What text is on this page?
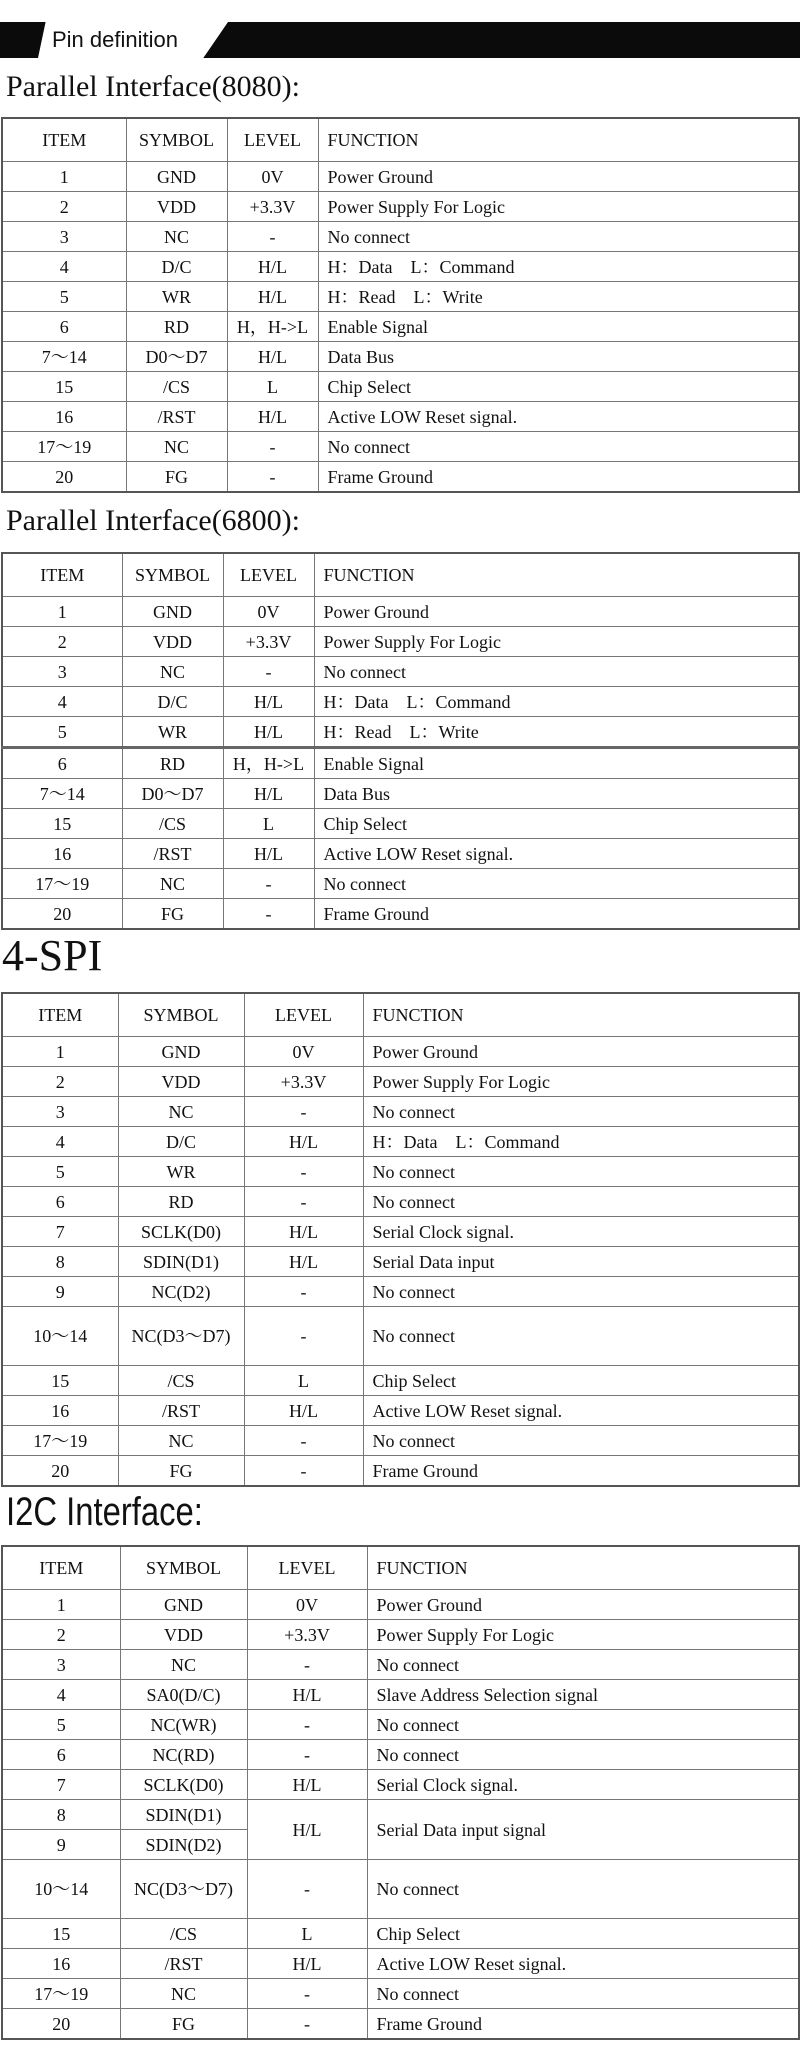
Pin definition
Parallel Interface(8080):
ITEM	SYMBOL	LEVEL	FUNCTION
1	GND	0V	Power Ground
2	VDD	+3.3V	Power Supply For Logic
3	NC	-	No connect
4	D/C	H/L	H：Data　L：Command
5	WR	H/L	H：Read　L：Write
6	RD	H，H->L	Enable Signal
7～14	D0～D7	H/L	Data Bus
15	/CS	L	Chip Select
16	/RST	H/L	Active LOW Reset signal.
17～19	NC	-	No connect
20	FG	-	Frame Ground
Parallel Interface(6800):
ITEM	SYMBOL	LEVEL	FUNCTION
1	GND	0V	Power Ground
2	VDD	+3.3V	Power Supply For Logic
3	NC	-	No connect
4	D/C	H/L	H：Data　L：Command
5	WR	H/L	H：Read　L：Write
6	RD	H，H->L	Enable Signal
7～14	D0～D7	H/L	Data Bus
15	/CS	L	Chip Select
16	/RST	H/L	Active LOW Reset signal.
17～19	NC	-	No connect
20	FG	-	Frame Ground
4-SPI
ITEM	SYMBOL	LEVEL	FUNCTION
1	GND	0V	Power Ground
2	VDD	+3.3V	Power Supply For Logic
3	NC	-	No connect
4	D/C	H/L	H：Data　L：Command
5	WR	-	No connect
6	RD	-	No connect
7	SCLK(D0)	H/L	Serial Clock signal.
8	SDIN(D1)	H/L	Serial Data input
9	NC(D2)	-	No connect
10～14	NC(D3～D7)	-	No connect
15	/CS	L	Chip Select
16	/RST	H/L	Active LOW Reset signal.
17～19	NC	-	No connect
20	FG	-	Frame Ground
I2C Interface:
ITEM	SYMBOL	LEVEL	FUNCTION
1	GND	0V	Power Ground
2	VDD	+3.3V	Power Supply For Logic
3	NC	-	No connect
4	SA0(D/C)	H/L	Slave Address Selection signal
5	NC(WR)	-	No connect
6	NC(RD)	-	No connect
7	SCLK(D0)	H/L	Serial Clock signal.
8	SDIN(D1)	H/L	Serial Data input signal
9	SDIN(D2)		
10～14	NC(D3～D7)	-	No connect
15	/CS	L	Chip Select
16	/RST	H/L	Active LOW Reset signal.
17～19	NC	-	No connect
20	FG	-	Frame Ground
